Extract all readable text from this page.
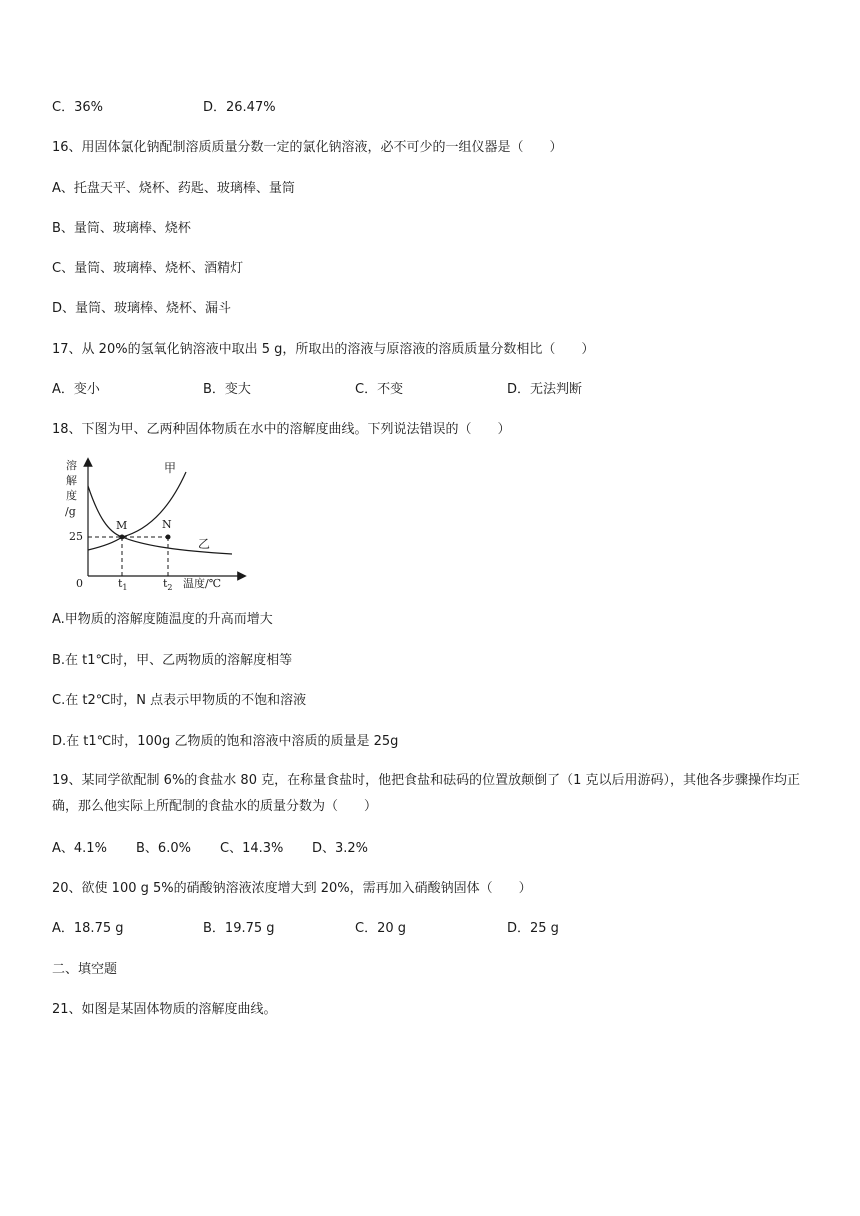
C．36%	D．26.47%
16、用固体氯化钠配制溶质质量分数一定的氯化钠溶液，必不可少的一组仪器是（　　）
A、托盘天平、烧杯、药匙、玻璃棒、量筒
B、量筒、玻璃棒、烧杯
C、量筒、玻璃棒、烧杯、酒精灯
D、量筒、玻璃棒、烧杯、漏斗
17、从 20%的氢氧化钠溶液中取出 5 g，所取出的溶液与原溶液的溶质质量分数相比（　　）
A．变小	B．变大	C．不变	D．无法判断
18、下图为甲、乙两种固体物质在水中的溶解度曲线。下列说法错误的（　　）
溶
解
度
/g
25
0	$t_1$	$t_2$ 温度/℃
M	N
甲
乙
A.甲物质的溶解度随温度的升高而增大
B.在 t1℃时，甲、乙两物质的溶解度相等
C.在 t2℃时，N 点表示甲物质的不饱和溶液
D.在 t1℃时，100g 乙物质的饱和溶液中溶质的质量是 25g
19、某同学欲配制 6%的食盐水 80 克，在称量食盐时，他把食盐和砝码的位置放颠倒了（1 克以后用游码），其他各步骤操作均正确，那么他实际上所配制的食盐水的质量分数为（　　）
A、4.1% B、6.0% C、14.3% D、3.2%
20、欲使 100 g 5%的硝酸钠溶液浓度增大到 20%，需再加入硝酸钠固体（　　）
A．18.75 g	B．19.75 g	C．20 g	D．25 g
二、填空题
21、如图是某固体物质的溶解度曲线。
